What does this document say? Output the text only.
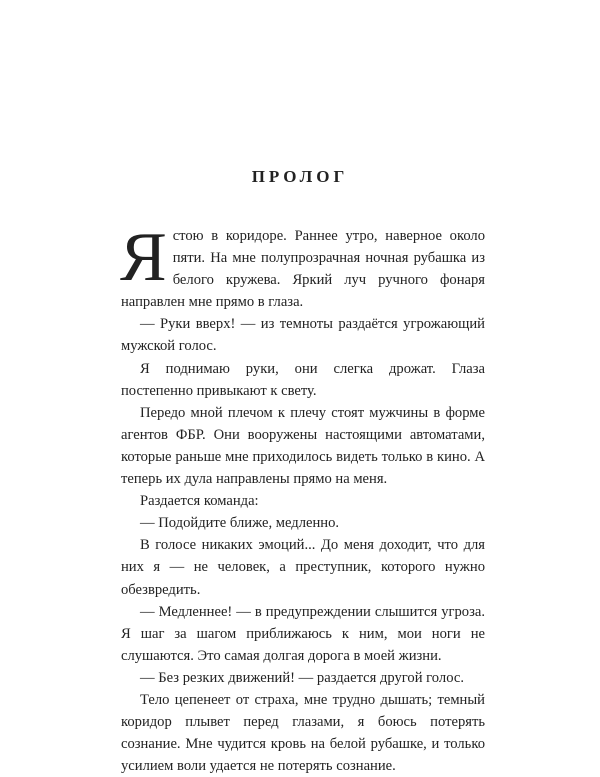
ПРОЛОГ

Я стою в коридоре. Раннее утро, наверное около пяти. На мне полупрозрачная ночная рубашка из белого кружева. Яркий луч ручного фонаря направлен мне прямо в глаза.

— Руки вверх! — из темноты раздаётся угрожающий мужской голос.

Я поднимаю руки, они слегка дрожат. Глаза постепенно привыкают к свету.

Передо мной плечом к плечу стоят мужчины в форме агентов ФБР. Они вооружены настоящими автоматами, которые раньше мне приходилось видеть только в кино. А теперь их дула направлены прямо на меня.

Раздается команда:

— Подойдите ближе, медленно.

В голосе никаких эмоций... До меня доходит, что для них я — не человек, а преступник, которого нужно обезвредить.

— Медленнее! — в предупреждении слышится угроза. Я шаг за шагом приближаюсь к ним, мои ноги не слушаются. Это самая долгая дорога в моей жизни.

— Без резких движений! — раздается другой голос.

Тело цепенеет от страха, мне трудно дышать; темный коридор плывет перед глазами, я боюсь потерять сознание. Мне чудится кровь на белой рубашке, и только усилием воли удается не потерять сознание.
